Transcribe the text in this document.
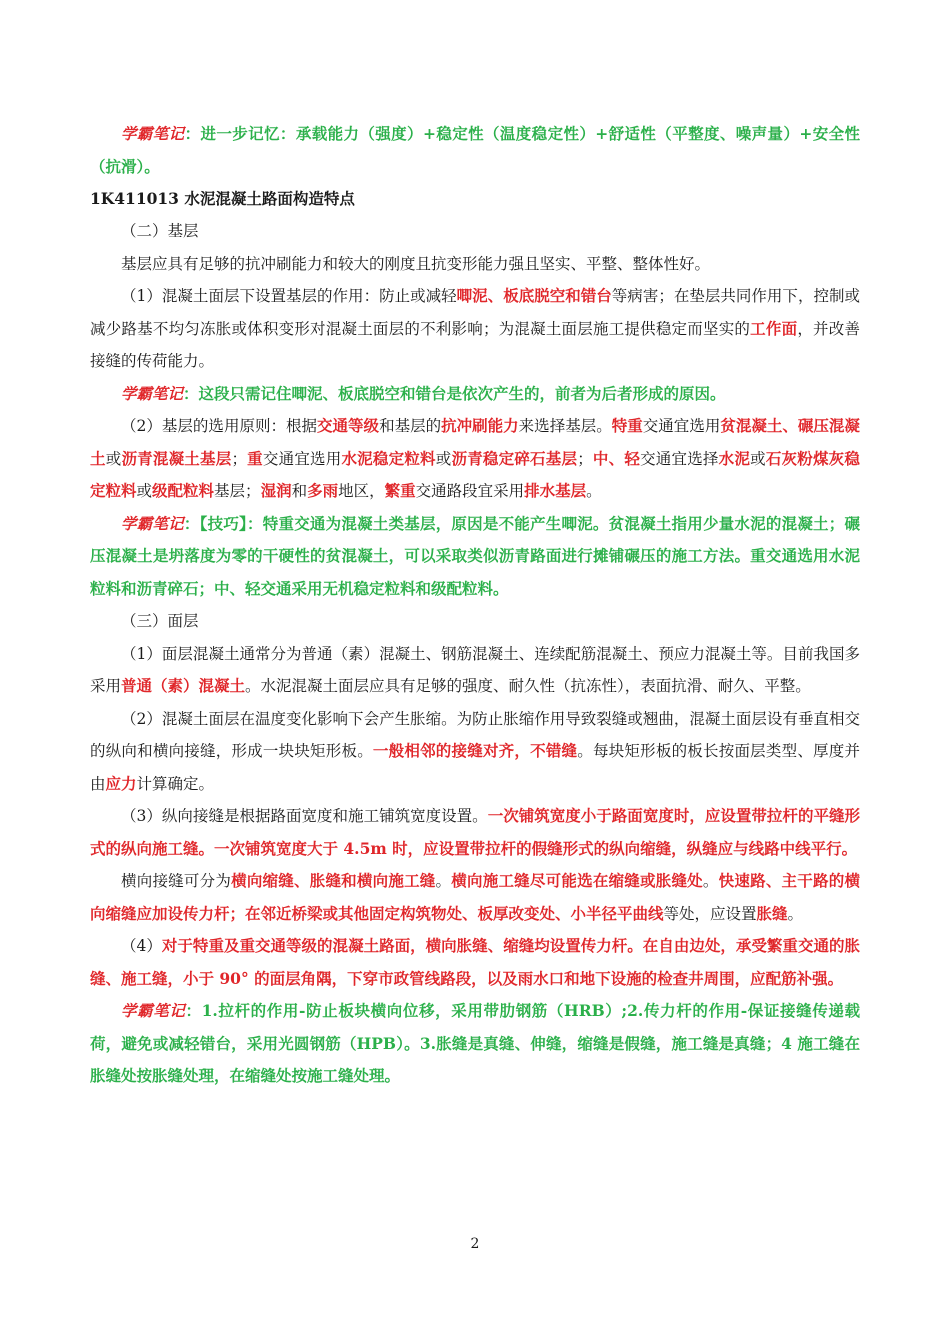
学霸笔记：进一步记忆：承载能力（强度）+稳定性（温度稳定性）+舒适性（平整度、噪声量）+安全性（抗滑）。

1K411013 水泥混凝土路面构造特点

（二）基层

基层应具有足够的抗冲刷能力和较大的刚度且抗变形能力强且坚实、平整、整体性好。

（1）混凝土面层下设置基层的作用：防止或减轻唧泥、板底脱空和错台等病害；在垫层共同作用下，控制或减少路基不均匀冻胀或体积变形对混凝土面层的不利影响；为混凝土面层施工提供稳定而坚实的工作面，并改善接缝的传荷能力。

学霸笔记：这段只需记住唧泥、板底脱空和错台是依次产生的，前者为后者形成的原因。

（2）基层的选用原则：根据交通等级和基层的抗冲刷能力来选择基层。特重交通宜选用贫混凝土、碾压混凝土或沥青混凝土基层；重交通宜选用水泥稳定粒料或沥青稳定碎石基层；中、轻交通宜选择水泥或石灰粉煤灰稳定粒料或级配粒料基层；湿润和多雨地区，繁重交通路段宜采用排水基层。

学霸笔记：【技巧】：特重交通为混凝土类基层，原因是不能产生唧泥。贫混凝土指用少量水泥的混凝土；碾压混凝土是坍落度为零的干硬性的贫混凝土，可以采取类似沥青路面进行摊铺碾压的施工方法。重交通选用水泥粒料和沥青碎石；中、轻交通采用无机稳定粒料和级配粒料。

（三）面层

（1）面层混凝土通常分为普通（素）混凝土、钢筋混凝土、连续配筋混凝土、预应力混凝土等。目前我国多采用普通（素）混凝土。水泥混凝土面层应具有足够的强度、耐久性（抗冻性），表面抗滑、耐久、平整。

（2）混凝土面层在温度变化影响下会产生胀缩。为防止胀缩作用导致裂缝或翘曲，混凝土面层设有垂直相交的纵向和横向接缝，形成一块块矩形板。一般相邻的接缝对齐，不错缝。每块矩形板的板长按面层类型、厚度并由应力计算确定。

（3）纵向接缝是根据路面宽度和施工铺筑宽度设置。一次铺筑宽度小于路面宽度时，应设置带拉杆的平缝形式的纵向施工缝。一次铺筑宽度大于 4.5m 时，应设置带拉杆的假缝形式的纵向缩缝，纵缝应与线路中线平行。

横向接缝可分为横向缩缝、胀缝和横向施工缝。横向施工缝尽可能选在缩缝或胀缝处。快速路、主干路的横向缩缝应加设传力杆；在邻近桥梁或其他固定构筑物处、板厚改变处、小半径平曲线等处，应设置胀缝。

（4）对于特重及重交通等级的混凝土路面，横向胀缝、缩缝均设置传力杆。在自由边处，承受繁重交通的胀缝、施工缝，小于 90° 的面层角隅，下穿市政管线路段，以及雨水口和地下设施的检查井周围，应配筋补强。

学霸笔记：1.拉杆的作用-防止板块横向位移，采用带肋钢筋（HRB）;2.传力杆的作用-保证接缝传递载荷，避免或减轻错台，采用光圆钢筋（HPB）。3.胀缝是真缝、伸缝，缩缝是假缝，施工缝是真缝；4 施工缝在胀缝处按胀缝处理，在缩缝处按施工缝处理。

2
